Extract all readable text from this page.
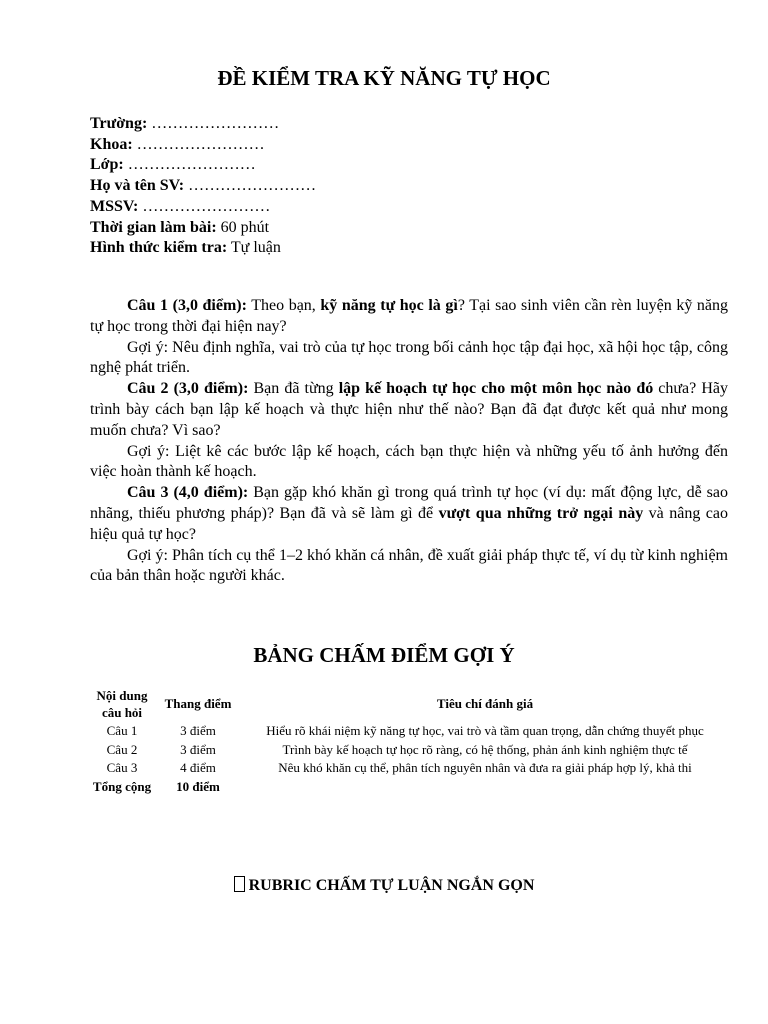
ĐỀ KIỂM TRA KỸ NĂNG TỰ HỌC
Trường: ……………………
Khoa: ……………………
Lớp: ……………………
Họ và tên SV: ……………………
MSSV: ……………………
Thời gian làm bài: 60 phút
Hình thức kiểm tra: Tự luận

Câu 1 (3,0 điểm): Theo bạn, kỹ năng tự học là gì? Tại sao sinh viên cần rèn luyện kỹ năng tự học trong thời đại hiện nay?

Gợi ý: Nêu định nghĩa, vai trò của tự học trong bối cảnh học tập đại học, xã hội học tập, công nghệ phát triển.

Câu 2 (3,0 điểm): Bạn đã từng lập kế hoạch tự học cho một môn học nào đó chưa? Hãy trình bày cách bạn lập kế hoạch và thực hiện như thế nào? Bạn đã đạt được kết quả như mong muốn chưa? Vì sao?

Gợi ý: Liệt kê các bước lập kế hoạch, cách bạn thực hiện và những yếu tố ảnh hưởng đến việc hoàn thành kế hoạch.

Câu 3 (4,0 điểm): Bạn gặp khó khăn gì trong quá trình tự học (ví dụ: mất động lực, dễ sao nhãng, thiếu phương pháp)? Bạn đã và sẽ làm gì để vượt qua những trở ngại này và nâng cao hiệu quả tự học?

Gợi ý: Phân tích cụ thể 1–2 khó khăn cá nhân, đề xuất giải pháp thực tế, ví dụ từ kinh nghiệm của bản thân hoặc người khác.

BẢNG CHẤM ĐIỂM GỢI Ý
Nội dung câu hỏi	Thang điểm	Tiêu chí đánh giá
Câu 1	3 điểm	Hiểu rõ khái niệm kỹ năng tự học, vai trò và tầm quan trọng, dẫn chứng thuyết phục
Câu 2	3 điểm	Trình bày kế hoạch tự học rõ ràng, có hệ thống, phản ánh kinh nghiệm thực tế
Câu 3	4 điểm	Nêu khó khăn cụ thể, phân tích nguyên nhân và đưa ra giải pháp hợp lý, khả thi
Tổng cộng	10 điểm	
RUBRIC CHẤM TỰ LUẬN NGẮN GỌN
